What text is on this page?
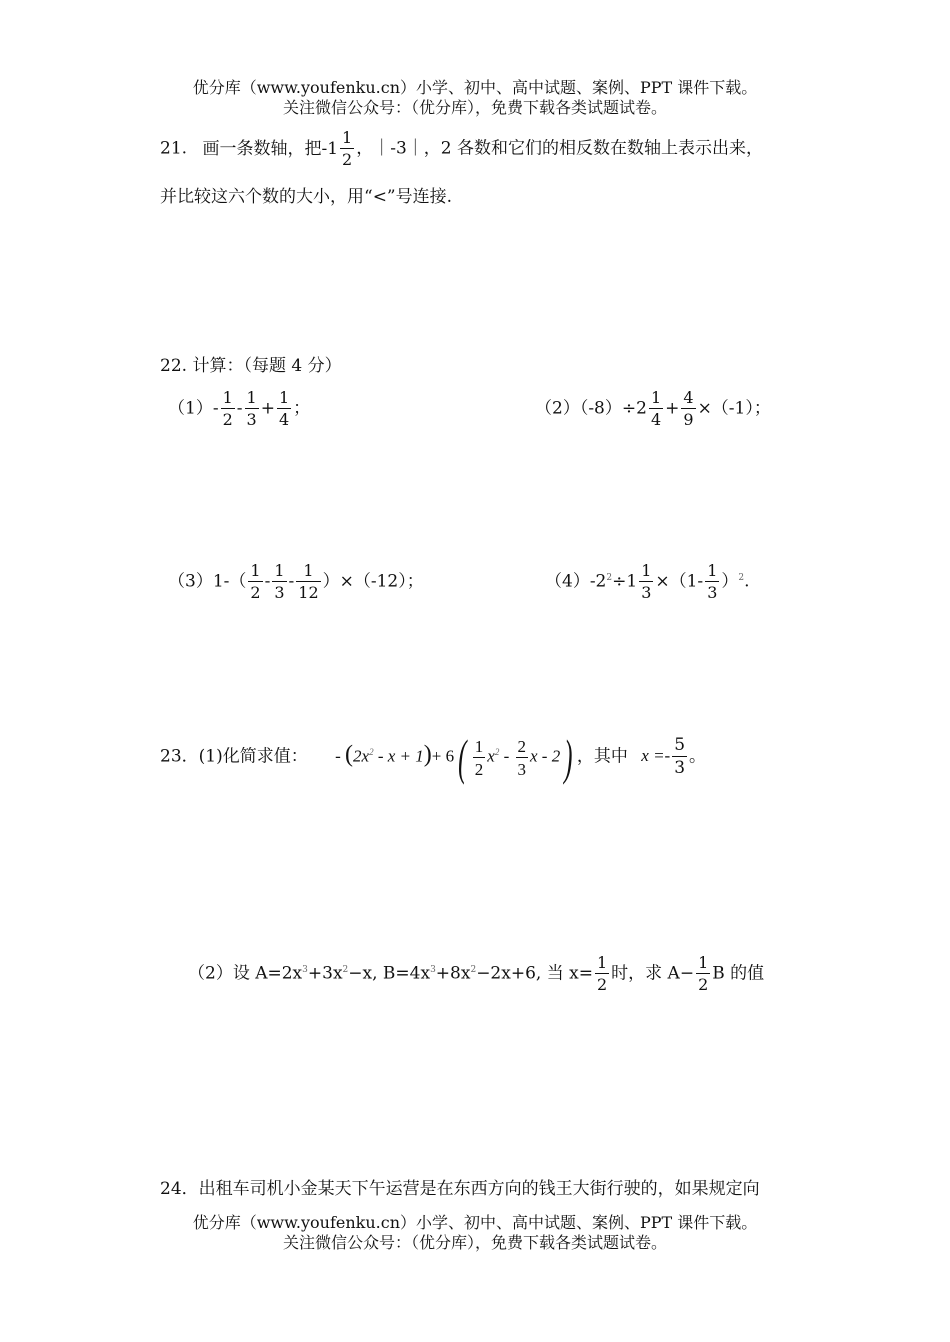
优分库（www.youfenku.cn）小学、初中、高中试题、案例、PPT 课件下载。
关注微信公众号：（优分库），免费下载各类试题试卷。
21. 画一条数轴，把$-1 \frac{1}{2}$ ，｜-3｜，2 各数和它们的相反数在数轴上表示出来，
并比较这六个数的大小，用“<”号连接.
22. 计算：（每题 4 分）
$(1)- \frac{1}{2} - \frac{1}{3} + \frac{1}{4}$ ；	$(2)(-8)\div 2 \frac{1}{4} + \frac{4}{9} \times(-1)$；
$(3)1-( \frac{1}{2} - \frac{1}{3} - \frac{1}{12} )\times(-12)$；	$(4)-2^2\div 1 \frac{1}{3} \times(1- \frac{1}{3} )^2$.
23．(1)化简求值： - $(2x^2 - x + 1)+ 6( \frac{1}{2} x^2 - \frac{2}{3}$ x - 2) ，其中 $x =- \frac{5}{3}$ 。
（2）设 $A=2x^3+3x^2-x$, $B=4x^3+8x^2-2x+6$, 当 $x= \frac{1}{2}$ 时，求 $A- \frac{1}{2}$ B 的值
24．出租车司机小金某天下午运营是在东西方向的钱王大街行驶的，如果规定向
优分库（www.youfenku.cn）小学、初中、高中试题、案例、PPT 课件下载。
关注微信公众号：（优分库），免费下载各类试题试卷。
